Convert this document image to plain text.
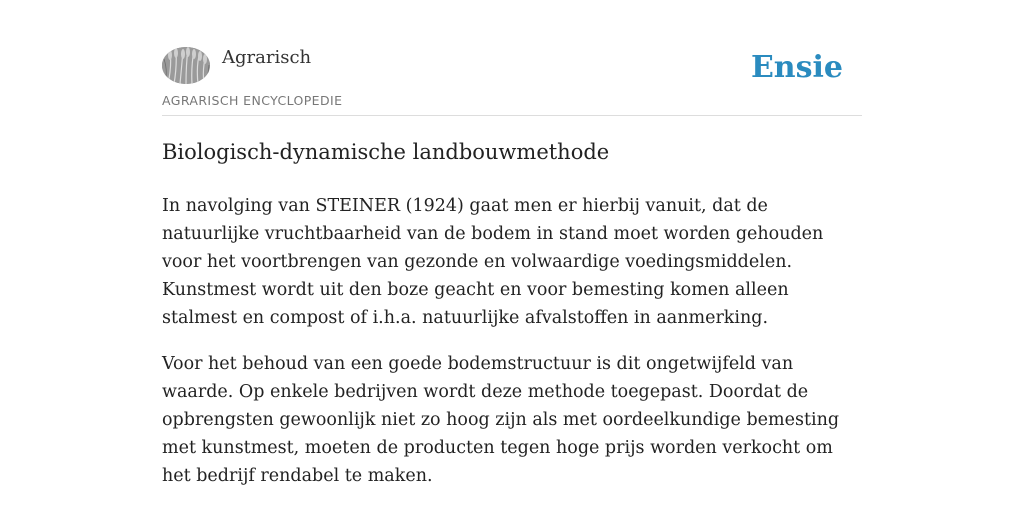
Agrarisch
AGRARISCH ENCYCLOPEDIE
Ensie
Biologisch-dynamische landbouwmethode

In navolging van STEINER (1924) gaat men er hierbij vanuit, dat de natuurlijke vruchtbaarheid van de bodem in stand moet worden gehouden voor het voortbrengen van gezonde en volwaardige voedingsmiddelen. Kunstmest wordt uit den boze geacht en voor bemesting komen alleen stalmest en compost of i.h.a. natuurlijke afvalstoffen in aanmerking.

Voor het behoud van een goede bodemstructuur is dit ongetwijfeld van waarde. Op enkele bedrijven wordt deze methode toegepast. Doordat de opbrengsten gewoonlijk niet zo hoog zijn als met oordeelkundige bemesting met kunstmest, moeten de producten tegen hoge prijs worden verkocht om het bedrijf rendabel te maken.
